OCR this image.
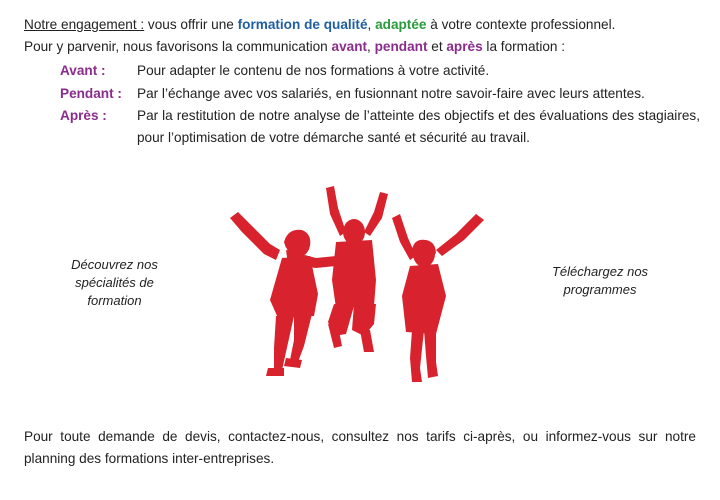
Notre engagement : vous offrir une formation de qualité, adaptée à votre contexte professionnel.

Pour y parvenir, nous favorisons la communication avant, pendant et après la formation :

Avant : Pour adapter le contenu de nos formations à votre activité.
Pendant : Par l’échange avec vos salariés, en fusionnant notre savoir-faire avec leurs attentes.
Après : Par la restitution de notre analyse de l’atteinte des objectifs et des évaluations des stagiaires, pour l’optimisation de votre démarche santé et sécurité au travail.
Découvrez nos spécialités de formation
Téléchargez nos programmes
Pour toute demande de devis, contactez-nous, consultez nos tarifs ci-après, ou informez-vous sur notre planning des formations inter-entreprises.
